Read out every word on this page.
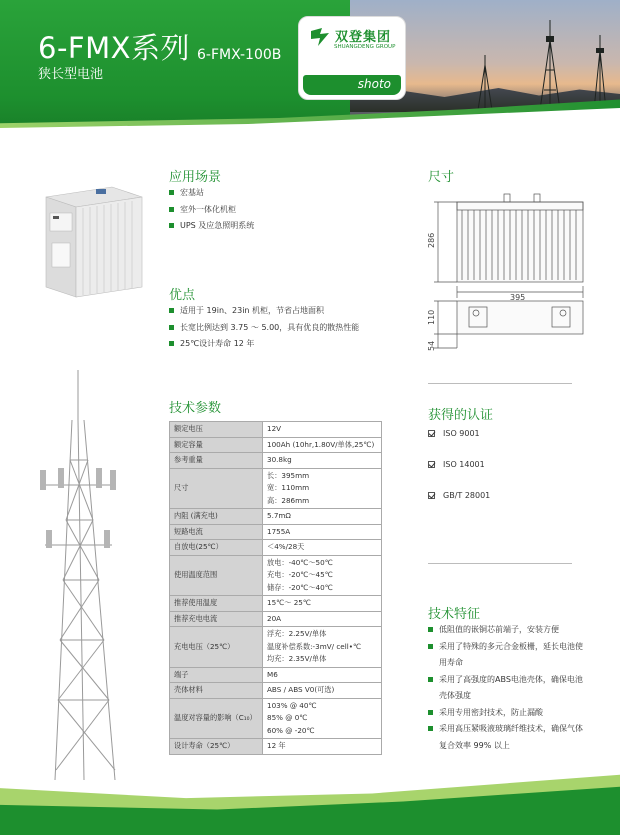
6-FMX系列
狭长型电池
6-FMX-100B
双登集团
SHUANGDENG GROUP
shoto
应用场景
宏基站
室外一体化机柜
UPS 及应急照明系统
优点
适用于 19in、23in 机柜，节省占地面积
长宽比例达到 3.75 ～ 5.00，具有优良的散热性能
25℃设计寿命 12 年
尺寸
286
395
110
54
技术参数
额定电压	12V

额定容量	100Ah (10hr,1.80V/单体,25℃)

参考重量	30.8kg

尺寸	长：395mm
宽：110mm
高：286mm

内阻 (满充电)	5.7mΩ

短路电流	1755A

自放电(25℃）	＜4%/28天

使用温度范围	放电：-40℃～50℃
充电：-20℃～45℃
储存：-20℃～40℃

推荐使用温度	15℃～ 25℃

推荐充电电流	20A

充电电压（25℃）	浮充：2.25V/单体
温度补偿系数:-3mV/ cell•℃
均充：2.35V/单体

端子	M6

壳体材料	ABS / ABS V0(可选)

温度对容量的影响（C₁₀）	103% @ 40℃
85% @ 0℃
60% @ -20℃

设计寿命（25℃）	12 年
获得的认证
ISO 9001
ISO 14001
GB/T 28001
技术特征
低阻值的嵌铜芯前端子，安装方便
采用了特殊的多元合金板栅，延长电池使用寿命
采用了高强度的ABS电池壳体，确保电池壳体强度
采用专用密封技术，防止漏酸
采用高压紧吸液玻璃纤维技术，确保气体复合效率 99% 以上
